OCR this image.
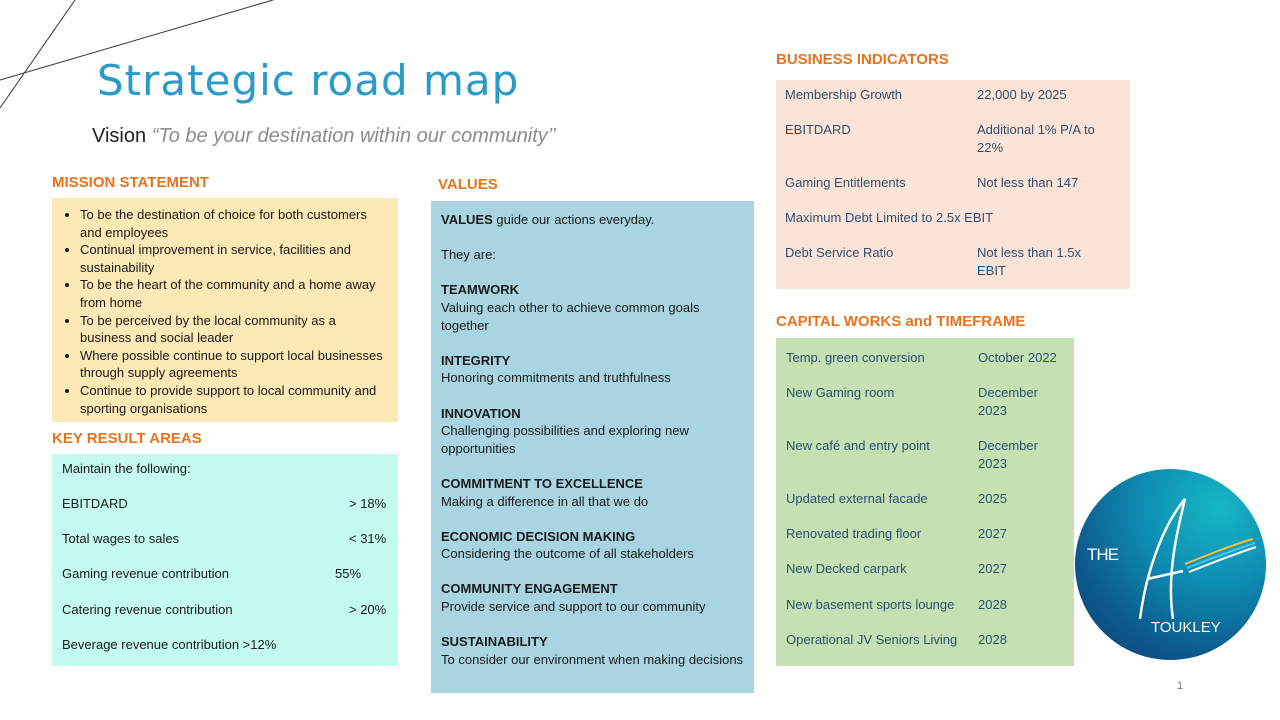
Strategic road map
Vision “To be your destination within our community’’
MISSION STATEMENT
• To be the destination of choice for both customers and employees
• Continual improvement in service, facilities and sustainability
• To be the heart of the community and a home away from home
• To be perceived by the local community as a business and social leader
• Where possible continue to support local businesses through supply agreements
• Continue to provide support to local community and sporting organisations
KEY RESULT AREAS
Maintain the following:
EBITDARD	> 18%
Total wages to sales	< 31%
Gaming revenue contribution	55%
Catering revenue contribution	> 20%
Beverage revenue contribution >12%
VALUES

VALUES guide our actions everyday.

They are:

TEAMWORK
Valuing each other to achieve common goals together

INTEGRITY
Honoring commitments and truthfulness

INNOVATION
Challenging possibilities and exploring new opportunities

COMMITMENT TO EXCELLENCE
Making a difference in all that we do

ECONOMIC DECISION MAKING
Considering the outcome of all stakeholders

COMMUNITY ENGAGEMENT
Provide service and support to our community

SUSTAINABILITY
To consider our environment when making decisions

BUSINESS INDICATORS
Membership Growth	22,000 by 2025
EBITDARD	Additional 1% P/A to 22%
Gaming Entitlements	Not less than 147
Maximum Debt Limited to 2.5x EBIT
Debt Service Ratio	Not less than 1.5x EBIT
CAPITAL WORKS and TIMEFRAME
Temp. green conversion	October 2022
New Gaming room	December 2023
New café and entry point	December 2023
Updated external facade	2025
Renovated trading floor	2027
New Decked carpark	2027
New basement sports lounge 2028
Operational JV Seniors Living 2028
THE
TOUKLEY
1
